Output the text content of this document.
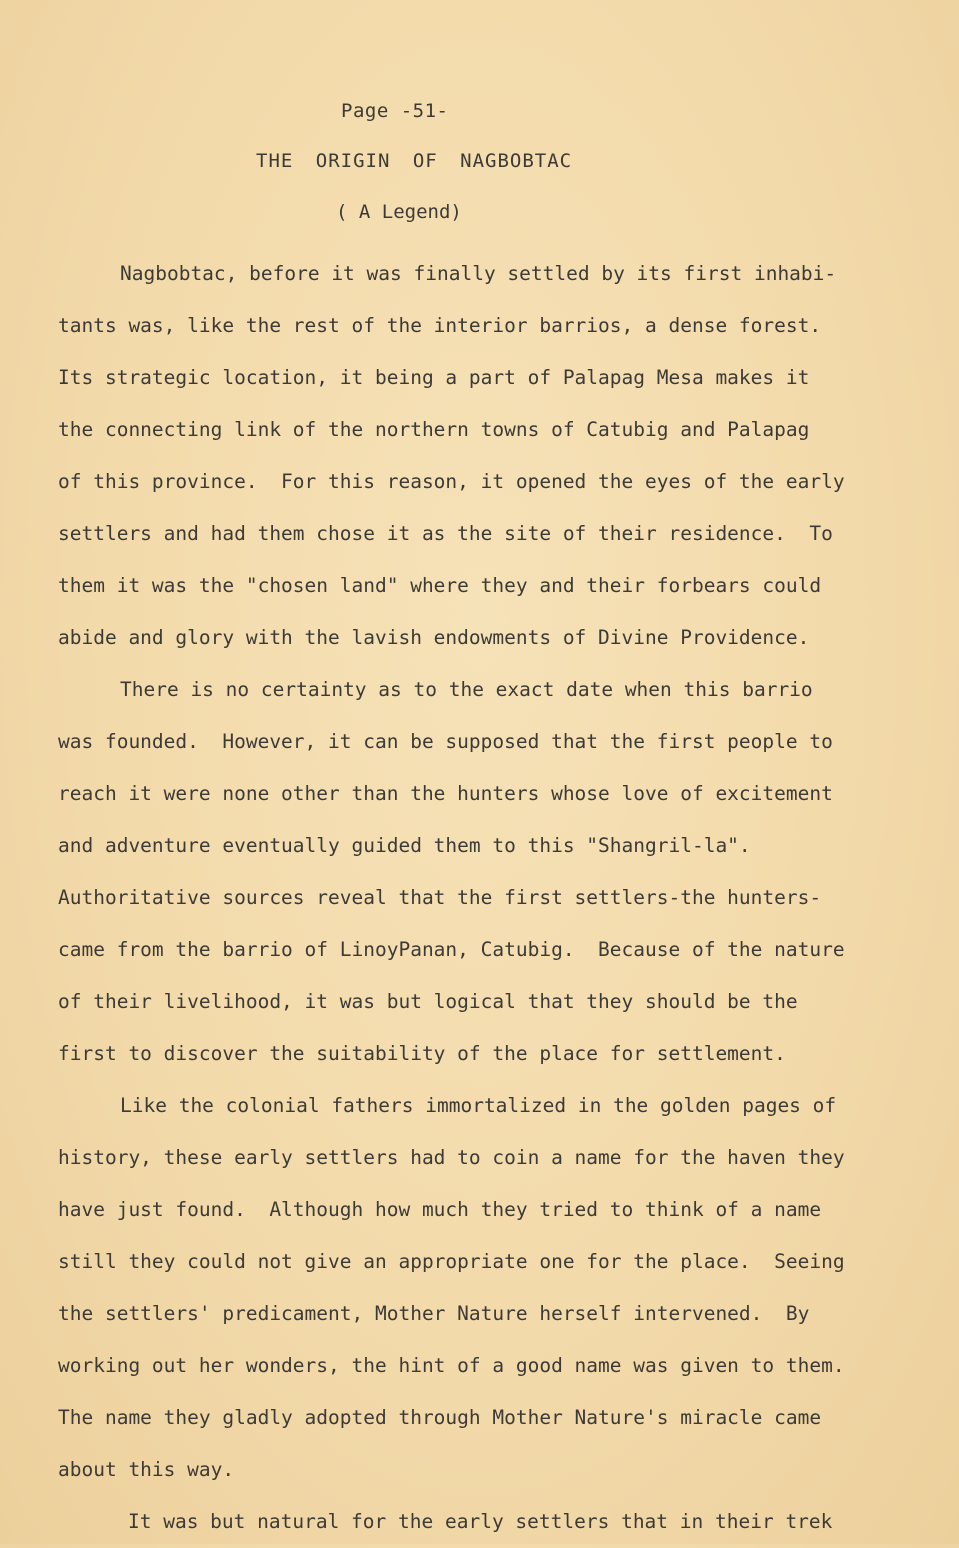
Page -51-
THE ORIGIN OF NAGBOBTAC
( A Legend)
Nagbobtac, before it was finally settled by its first inhabi-
tants was, like the rest of the interior barrios, a dense forest.
Its strategic location, it being a part of Palapag Mesa makes it
the connecting link of the northern towns of Catubig and Palapag
of this province.  For this reason, it opened the eyes of the early
settlers and had them chose it as the site of their residence.  To
them it was the "chosen land" where they and their forbears could
abide and glory with the lavish endowments of Divine Providence.
There is no certainty as to the exact date when this barrio
was founded.  However, it can be supposed that the first people to
reach it were none other than the hunters whose love of excitement
and adventure eventually guided them to this "Shangril-la".
Authoritative sources reveal that the first settlers-the hunters-
came from the barrio of LinoyPanan, Catubig.  Because of the nature
of their livelihood, it was but logical that they should be the
first to discover the suitability of the place for settlement.
Like the colonial fathers immortalized in the golden pages of
history, these early settlers had to coin a name for the haven they
have just found.  Although how much they tried to think of a name
still they could not give an appropriate one for the place.  Seeing
the settlers' predicament, Mother Nature herself intervened.  By
working out her wonders, the hint of a good name was given to them.
The name they gladly adopted through Mother Nature's miracle came
about this way.
It was but natural for the early settlers that in their trek
